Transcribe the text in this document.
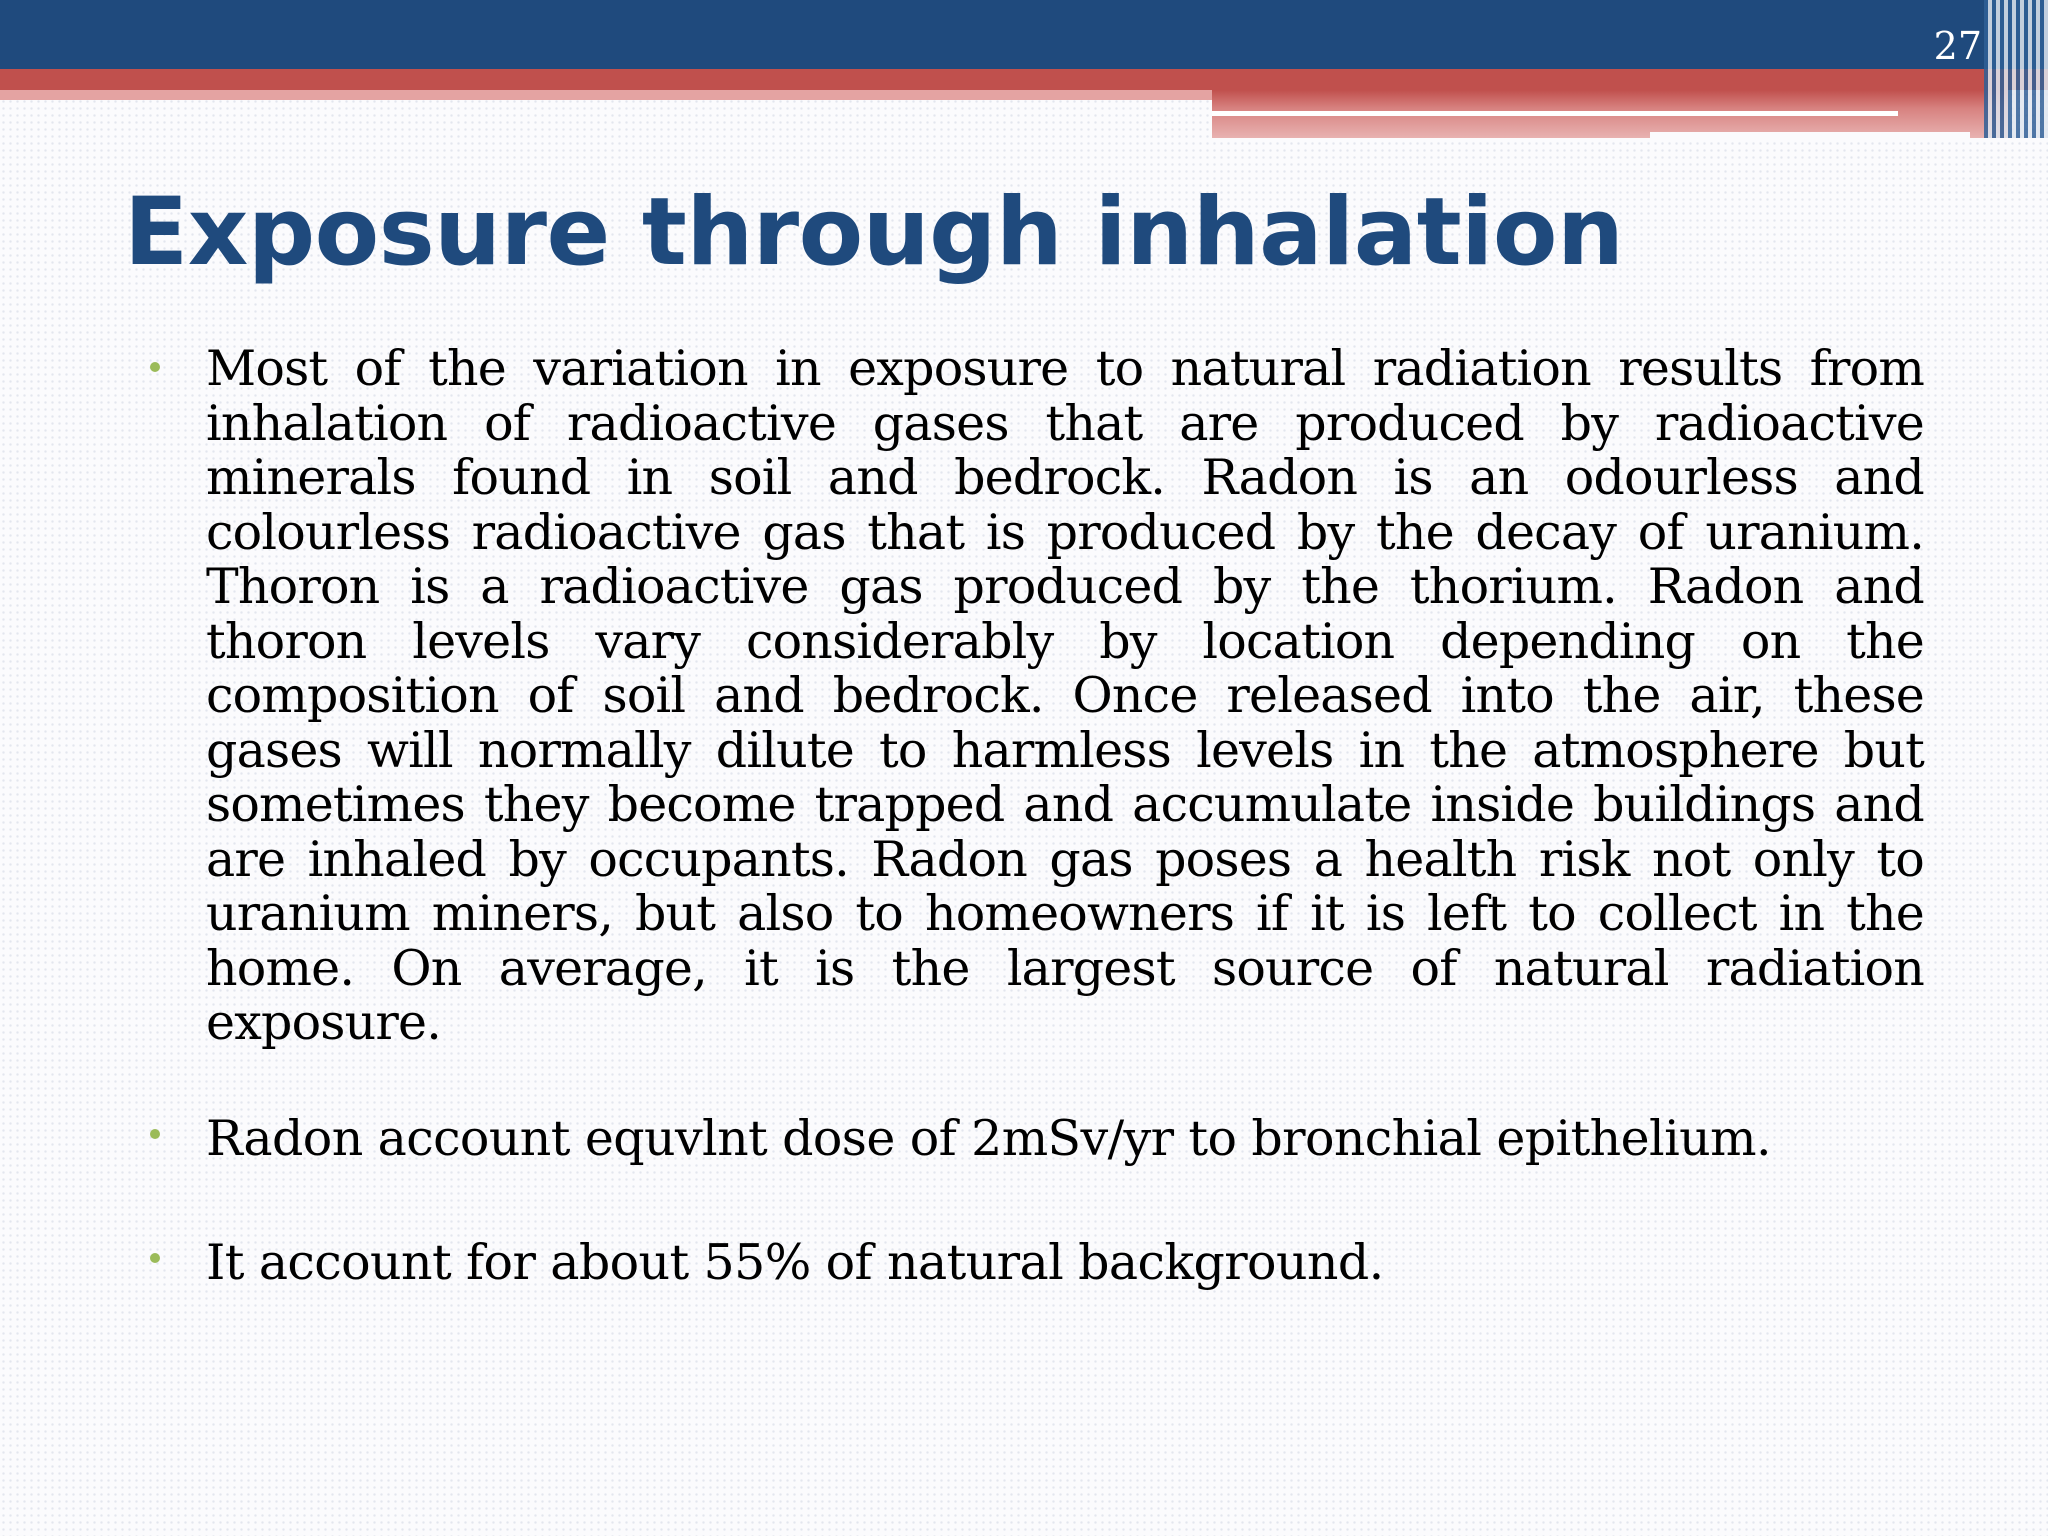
27
Exposure through inhalation
Most of the variation in exposure to natural radiation results from inhalation of radioactive gases that are produced by radioactive minerals found in soil and bedrock. Radon is an odourless and colourless radioactive gas that is produced by the decay of uranium. Thoron is a radioactive gas produced by the thorium. Radon and thoron levels vary considerably by location depending on the composition of soil and bedrock. Once released into the air, these gases will normally dilute to harmless levels in the atmosphere but sometimes they become trapped and accumulate inside buildings and are inhaled by occupants. Radon gas poses a health risk not only to uranium miners, but also to homeowners if it is left to collect in the home. On average, it is the largest source of natural radiation exposure.
Radon account equvlnt dose of 2mSv/yr to bronchial epithelium.
It account for about 55% of natural background.
